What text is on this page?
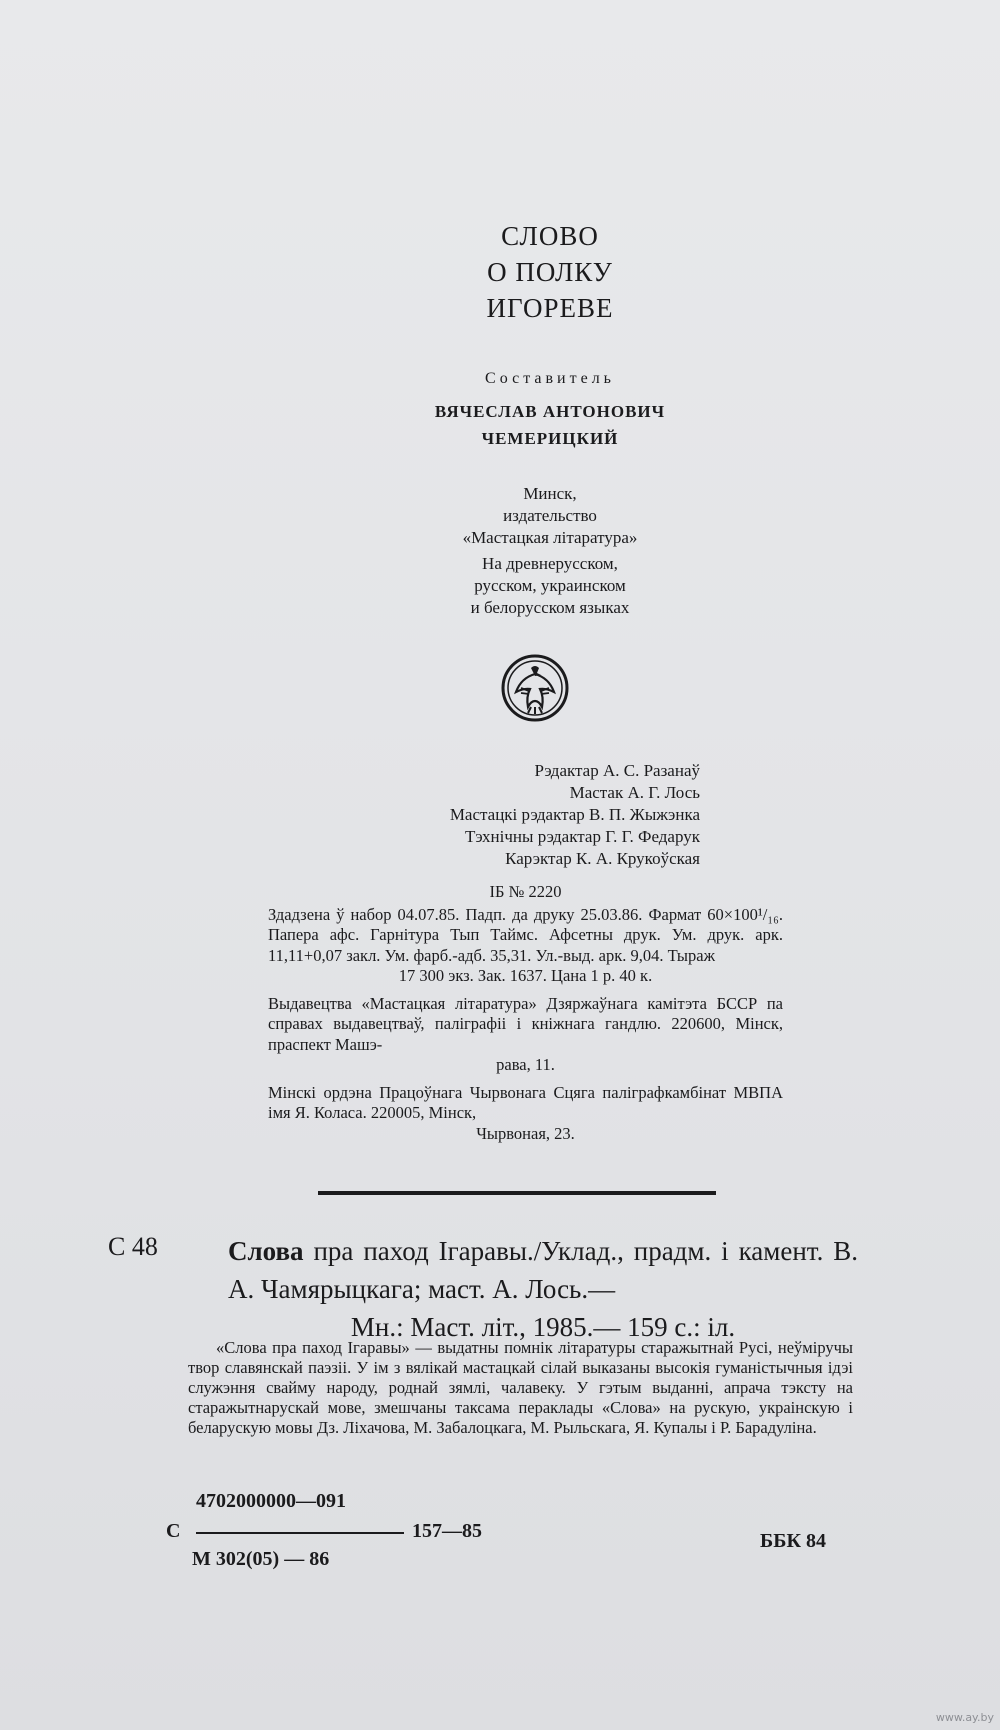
СЛОВО
О ПОЛКУ
ИГОРЕВЕ
Составитель
ВЯЧЕСЛАВ АНТОНОВИЧ
ЧЕМЕРИЦКИЙ
Минск,
издательство
«Мастацкая літаратура»
На древнерусском,
русском, украинском
и белорусском языках
Рэдактар А. С. Разанаў
Мастак А. Г. Лось
Мастацкі рэдактар В. П. Жыжэнка
Тэхнічны рэдактар Г. Г. Федарук
Карэктар К. А. Крукоўская

ІБ № 2220

Здадзена ў набор 04.07.85. Падп. да друку 25.03.86. Фармат 60×100¹/₁₆. Папера афс. Гарнітура Тып Таймс. Афсетны друк. Ум. друк. арк. 11,11+0,07 закл. Ум. фарб.-адб. 35,31. Ул.-выд. арк. 9,04. Тыраж
17 300 экз. Зак. 1637. Цана 1 р. 40 к.

Выдавецтва «Мастацкая літаратура» Дзяржаўнага камітэта БССР па справах выдавецтваў, паліграфіі і кніжнага гандлю. 220600, Мінск, праспект Машэ-
рава, 11.

Мінскі ордэна Працоўнага Чырвонага Сцяга паліграфкамбінат МВПА імя Я. Коласа. 220005, Мінск,
Чырвоная, 23.

С 48	Слова пра паход Ігаравы./Уклад., прадм. і камент. В. А. Чамярыцкага; маст. А. Лось.—
Мн.: Маст. літ., 1985.— 159 с.: іл.
«Слова пра паход Ігаравы» — выдатны помнік літаратуры старажытнай Русі, неўміручы твор славянскай паэзіі. У ім з вялікай мастацкай сілай выказаны высокія гуманістычныя ідэі служэння свайму народу, роднай зямлі, чалавеку. У гэтым выданні, апрача тэксту на старажытнарускай мове, змешчаны таксама пераклады «Слова» на рускую, украінскую і беларускую мовы Дз. Ліхачова, М. Забалоцкага, М. Рыльскага, Я. Купалы і Р. Барадуліна.
4702000000—091
С	157—85
М 302(05) — 86
ББК 84
www.ay.by
